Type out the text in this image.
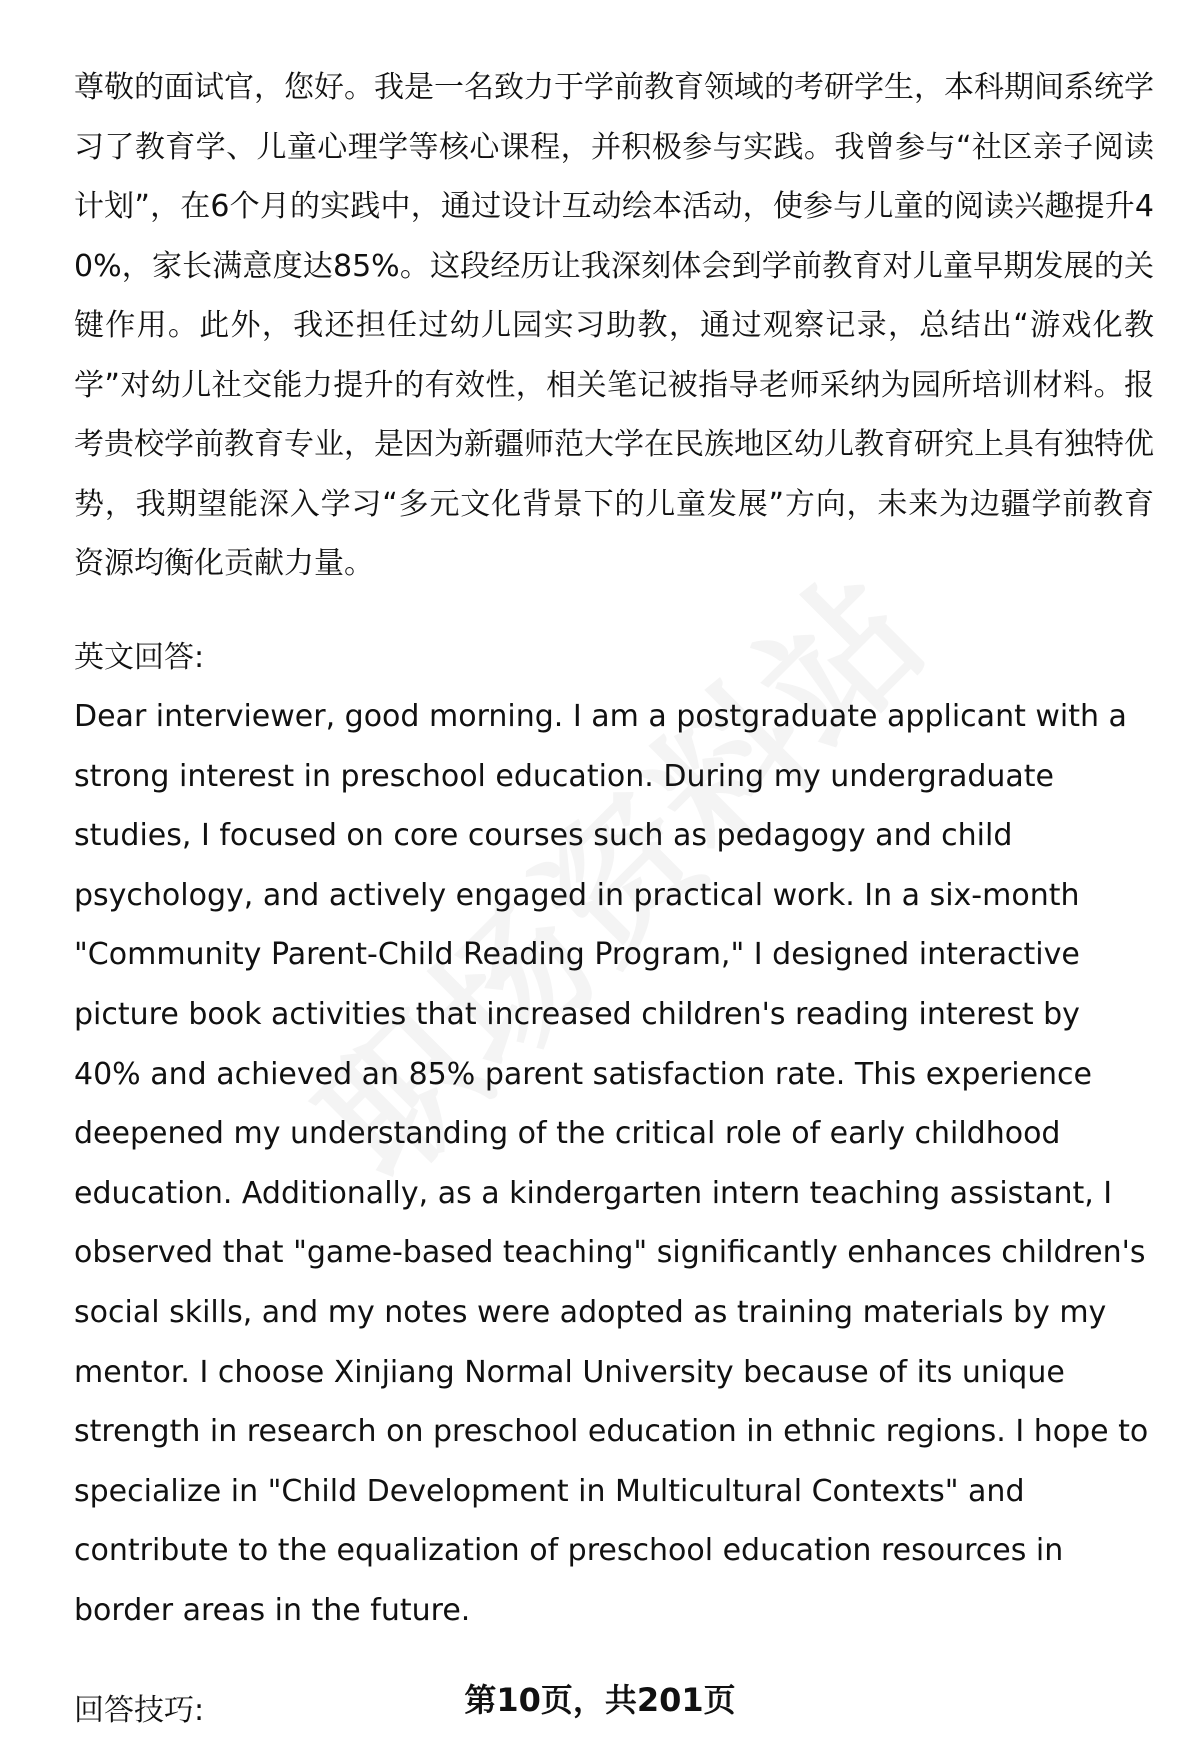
尊敬的面试官，您好。我是一名致力于学前教育领域的考研学生，本科期间系统学习了教育学、儿童心理学等核心课程，并积极参与实践。我曾参与“社区亲子阅读计划”，在6个月的实践中，通过设计互动绘本活动，使参与儿童的阅读兴趣提升40%，家长满意度达85%。这段经历让我深刻体会到学前教育对儿童早期发展的关键作用。此外，我还担任过幼儿园实习助教，通过观察记录，总结出“游戏化教学”对幼儿社交能力提升的有效性，相关笔记被指导老师采纳为园所培训材料。报考贵校学前教育专业，是因为新疆师范大学在民族地区幼儿教育研究上具有独特优势，我期望能深入学习“多元文化背景下的儿童发展”方向，未来为边疆学前教育资源均衡化贡献力量。

英文回答:

Dear interviewer, good morning. I am a postgraduate applicant with a strong interest in preschool education. During my undergraduate studies, I focused on core courses such as pedagogy and child psychology, and actively engaged in practical work. In a six-month "Community Parent-Child Reading Program," I designed interactive picture book activities that increased children's reading interest by 40% and achieved an 85% parent satisfaction rate. This experience deepened my understanding of the critical role of early childhood education. Additionally, as a kindergarten intern teaching assistant, I observed that "game-based teaching" significantly enhances children's social skills, and my notes were adopted as training materials by my mentor. I choose Xinjiang Normal University because of its unique strength in research on preschool education in ethnic regions. I hope to specialize in "Child Development in Multicultural Contexts" and contribute to the equalization of preschool education resources in border areas in the future.

回答技巧:	第10页，共201页
